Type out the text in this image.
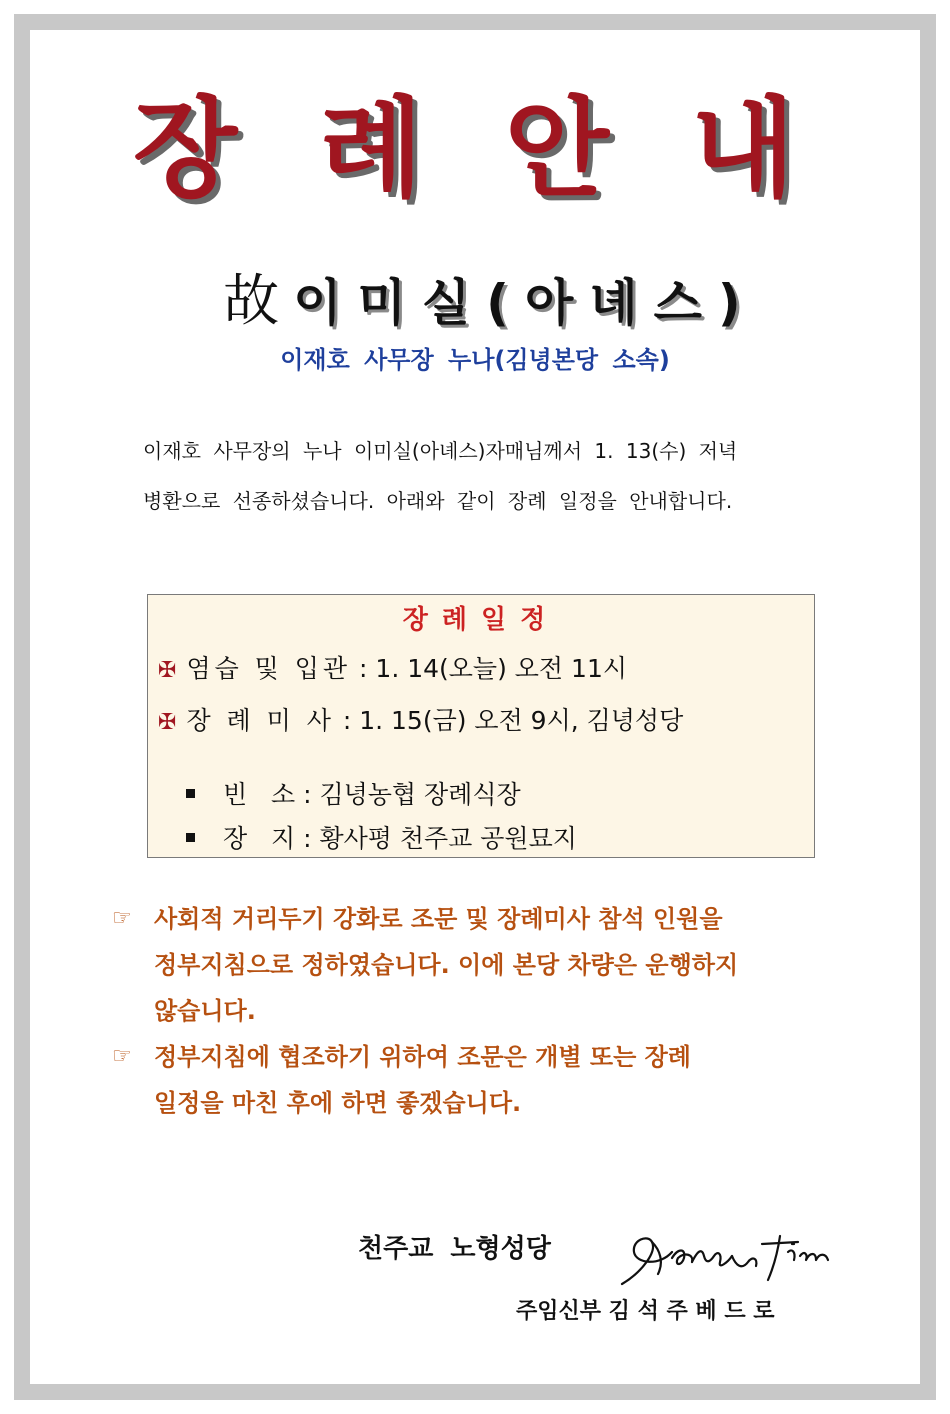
장 례 안 내
故 이미실(아녜스)
이재호 사무장 누나(김녕본당 소속)

이재호 사무장의 누나 이미실(아녜스)자매님께서 1. 13(수) 저녁

병환으로 선종하셨습니다. 아래와 같이 장례 일정을 안내합니다.

장례일정
✠ 염습 및 입관 : 1. 14(오늘) 오전 11시
✠ 장 례 미 사 : 1. 15(금) 오전 9시, 김녕성당
빈   소 : 김녕농협 장례식장
장   지 : 황사평 천주교 공원묘지
☞ 사회적 거리두기 강화로 조문 및 장례미사 참석 인원을
정부지침으로 정하였습니다. 이에 본당 차량은 운행하지
않습니다.
☞ 정부지침에 협조하기 위하여 조문은 개별 또는 장례
일정을 마친 후에 하면 좋겠습니다.
천주교 노형성당
주임신부 김 석 주 베 드 로
